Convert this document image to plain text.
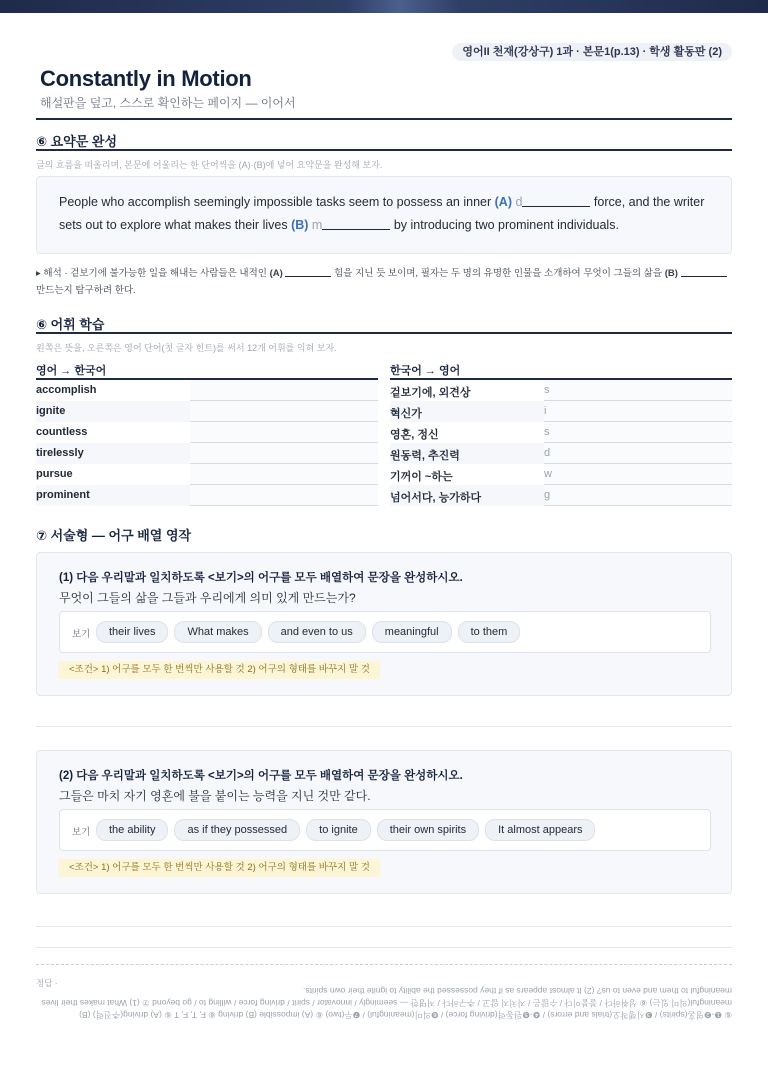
영어II 천재(강상구) 1과 · 본문1(p.13) · 학생 활동판 (2)
Constantly in Motion
해설판을 덮고, 스스로 확인하는 페이지 — 이어서
⑥ 요약문 완성
글의 흐름을 떠올리며, 본문에 어울리는 한 단어씩을 (A)·(B)에 넣어 요약문을 완성해 보자.
People who accomplish seemingly impossible tasks seem to possess an inner (A) d	force, and the writer sets out to explore what makes their lives (B) m	by introducing two prominent individuals.
▸ 해석 · 겉보기에 불가능한 일을 해내는 사람들은 내적인 (A)	힘을 지닌 듯 보이며, 필자는 두 명의 유명한 인물을 소개하여 무엇이 그들의 삶을 (B)  만드는지 탐구하려 한다.
⑥ 어휘 학습
왼쪽은 뜻을, 오른쪽은 영어 단어(첫 글자 힌트)를 써서 12개 어휘를 익혀 보자.
영어 → 한국어
accomplish
ignite
countless
tirelessly
pursue
prominent
한국어 → 영어
겉보기에, 외견상	s
혁신가	i
영혼, 정신	s
원동력, 추진력	d
기꺼이 ~하는	w
넘어서다, 능가하다	g
⑦ 서술형 — 어구 배열 영작
(1) 다음 우리말과 일치하도록 <보기>의 어구를 모두 배열하여 문장을 완성하시오.
무엇이 그들의 삶을 그들과 우리에게 의미 있게 만드는가?
보기	their lives	What makes	and even to us	meaningful	to them
<조건> 1) 어구를 모두 한 번씩만 사용할 것 2) 어구의 형태를 바꾸지 말 것
(2) 다음 우리말과 일치하도록 <보기>의 어구를 모두 배열하여 문장을 완성하시오.
그들은 마치 자기 영혼에 불을 붙이는 능력을 지닌 것만 같다.
보기	the ability	as if they possessed	to ignite	their own spirits	It almost appears
<조건> 1) 어구를 모두 한 번씩만 사용할 것 2) 어구의 형태를 바꾸지 말 것
정답 ·
⑥ ❶-❷영혼(spirits) / ❸시행착오(trials and errors) / ❹-❺원동력(driving force) / ❻의미(meaningful) / ❼두(two) ⑥ (A) impossible (B) driving ⑥ F, T, F, T ⑥ (A) driving(추진력) (B) meaningful(의미 있는) ⑥ 성취하다 / 불붙이다 / 수많은 / 지치지 않고 / 추구하다 / 저명한 — seemingly / innovator / spirit / driving force / willing to / go beyond ⑦ (1) What makes their lives meaningful to them and even to us? (2) It almost appears as if they possessed the ability to ignite their own spirits.
